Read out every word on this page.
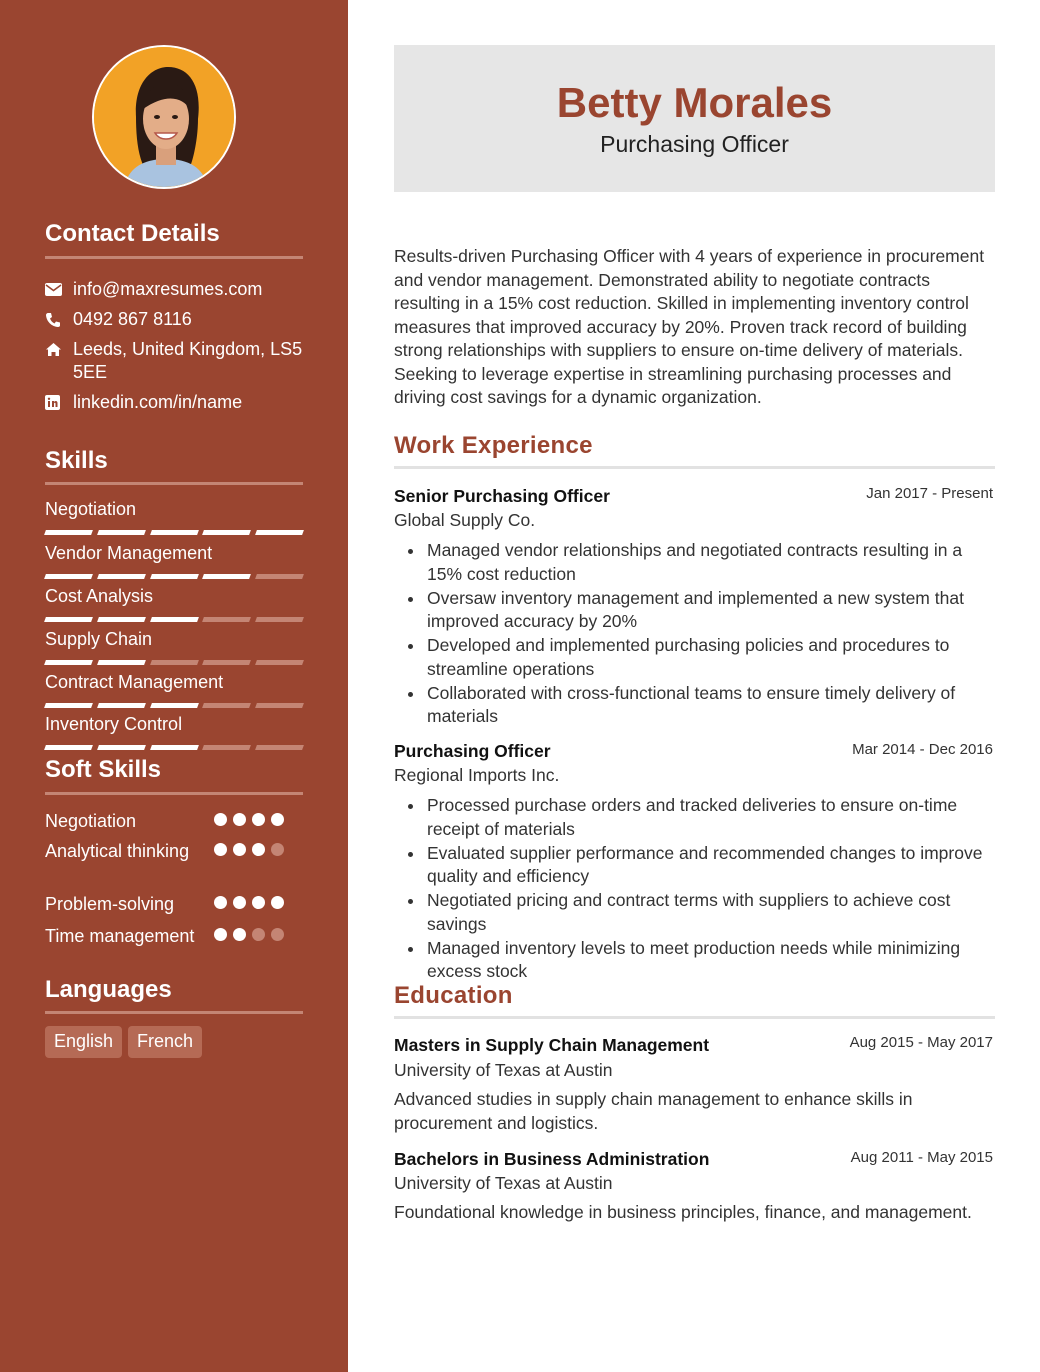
Contact Details
info@maxresumes.com
0492 867 8116
Leeds, United Kingdom, LS5 5EE
linkedin.com/in/name
Skills
Negotiation
Vendor Management
Cost Analysis
Supply Chain
Contract Management
Inventory Control
Soft Skills
Negotiation
Analytical thinking
Problem-solving
Time management
Languages
English	French
Betty Morales
Purchasing Officer
Results-driven Purchasing Officer with 4 years of experience in procurement and vendor management. Demonstrated ability to negotiate contracts resulting in a 15% cost reduction. Skilled in implementing inventory control measures that improved accuracy by 20%. Proven track record of building strong relationships with suppliers to ensure on-time delivery of materials. Seeking to leverage expertise in streamlining purchasing processes and driving cost savings for a dynamic organization.
Work Experience
Senior Purchasing Officer	Jan 2017 - Present
Global Supply Co.
Managed vendor relationships and negotiated contracts resulting in a 15% cost reduction
Oversaw inventory management and implemented a new system that improved accuracy by 20%
Developed and implemented purchasing policies and procedures to streamline operations
Collaborated with cross-functional teams to ensure timely delivery of materials
Purchasing Officer	Mar 2014 - Dec 2016
Regional Imports Inc.
Processed purchase orders and tracked deliveries to ensure on-time receipt of materials
Evaluated supplier performance and recommended changes to improve quality and efficiency
Negotiated pricing and contract terms with suppliers to achieve cost savings
Managed inventory levels to meet production needs while minimizing excess stock
Education
Masters in Supply Chain Management	Aug 2015 - May 2017
University of Texas at Austin
Advanced studies in supply chain management to enhance skills in procurement and logistics.
Bachelors in Business Administration	Aug 2011 - May 2015
University of Texas at Austin
Foundational knowledge in business principles, finance, and management.
